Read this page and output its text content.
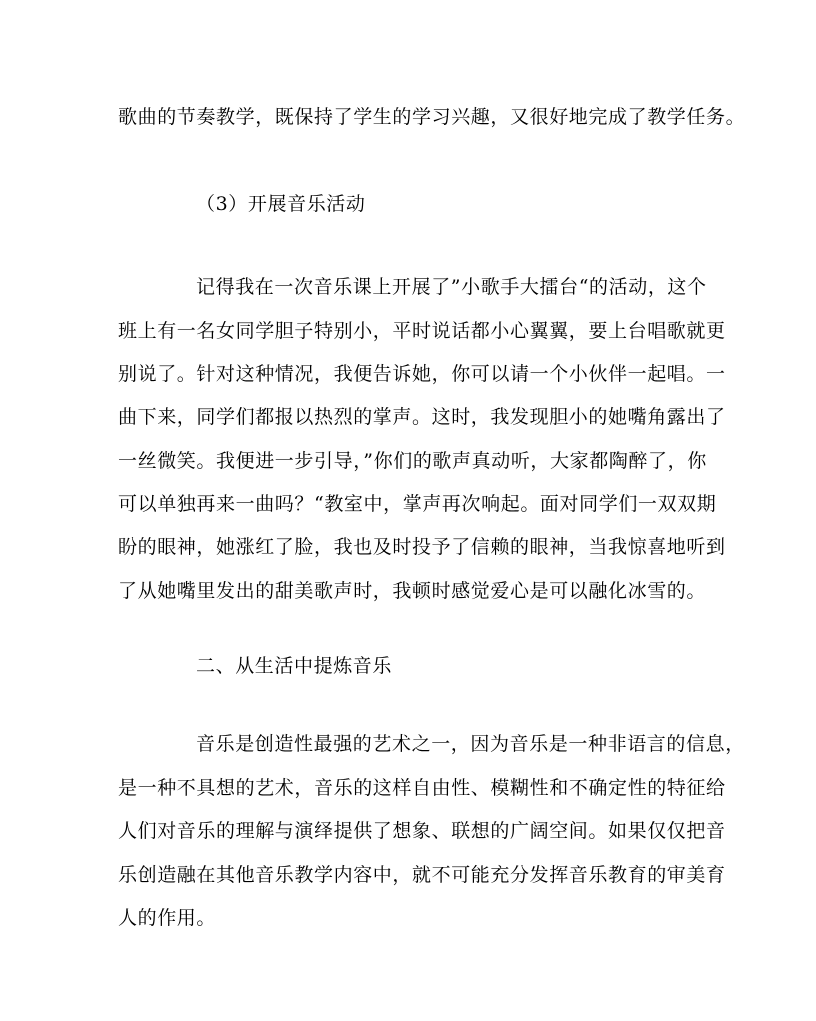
歌曲的节奏教学，既保持了学生的学习兴趣，又很好地完成了教学任务。
（3）开展音乐活动
记得我在一次音乐课上开展了”小歌手大擂台“的活动，这个
班上有一名女同学胆子特别小，平时说话都小心翼翼，要上台唱歌就更
别说了。针对这种情况，我便告诉她，你可以请一个小伙伴一起唱。一
曲下来，同学们都报以热烈的掌声。这时，我发现胆小的她嘴角露出了
一丝微笑。我便进一步引导，”你们的歌声真动听，大家都陶醉了，你
可以单独再来一曲吗？“教室中，掌声再次响起。面对同学们一双双期
盼的眼神，她涨红了脸，我也及时投予了信赖的眼神，当我惊喜地听到
了从她嘴里发出的甜美歌声时，我顿时感觉爱心是可以融化冰雪的。
二、从生活中提炼音乐
音乐是创造性最强的艺术之一，因为音乐是一种非语言的信息，
是一种不具想的艺术，音乐的这样自由性、模糊性和不确定性的特征给
人们对音乐的理解与演绎提供了想象、联想的广阔空间。如果仅仅把音
乐创造融在其他音乐教学内容中，就不可能充分发挥音乐教育的审美育
人的作用。
